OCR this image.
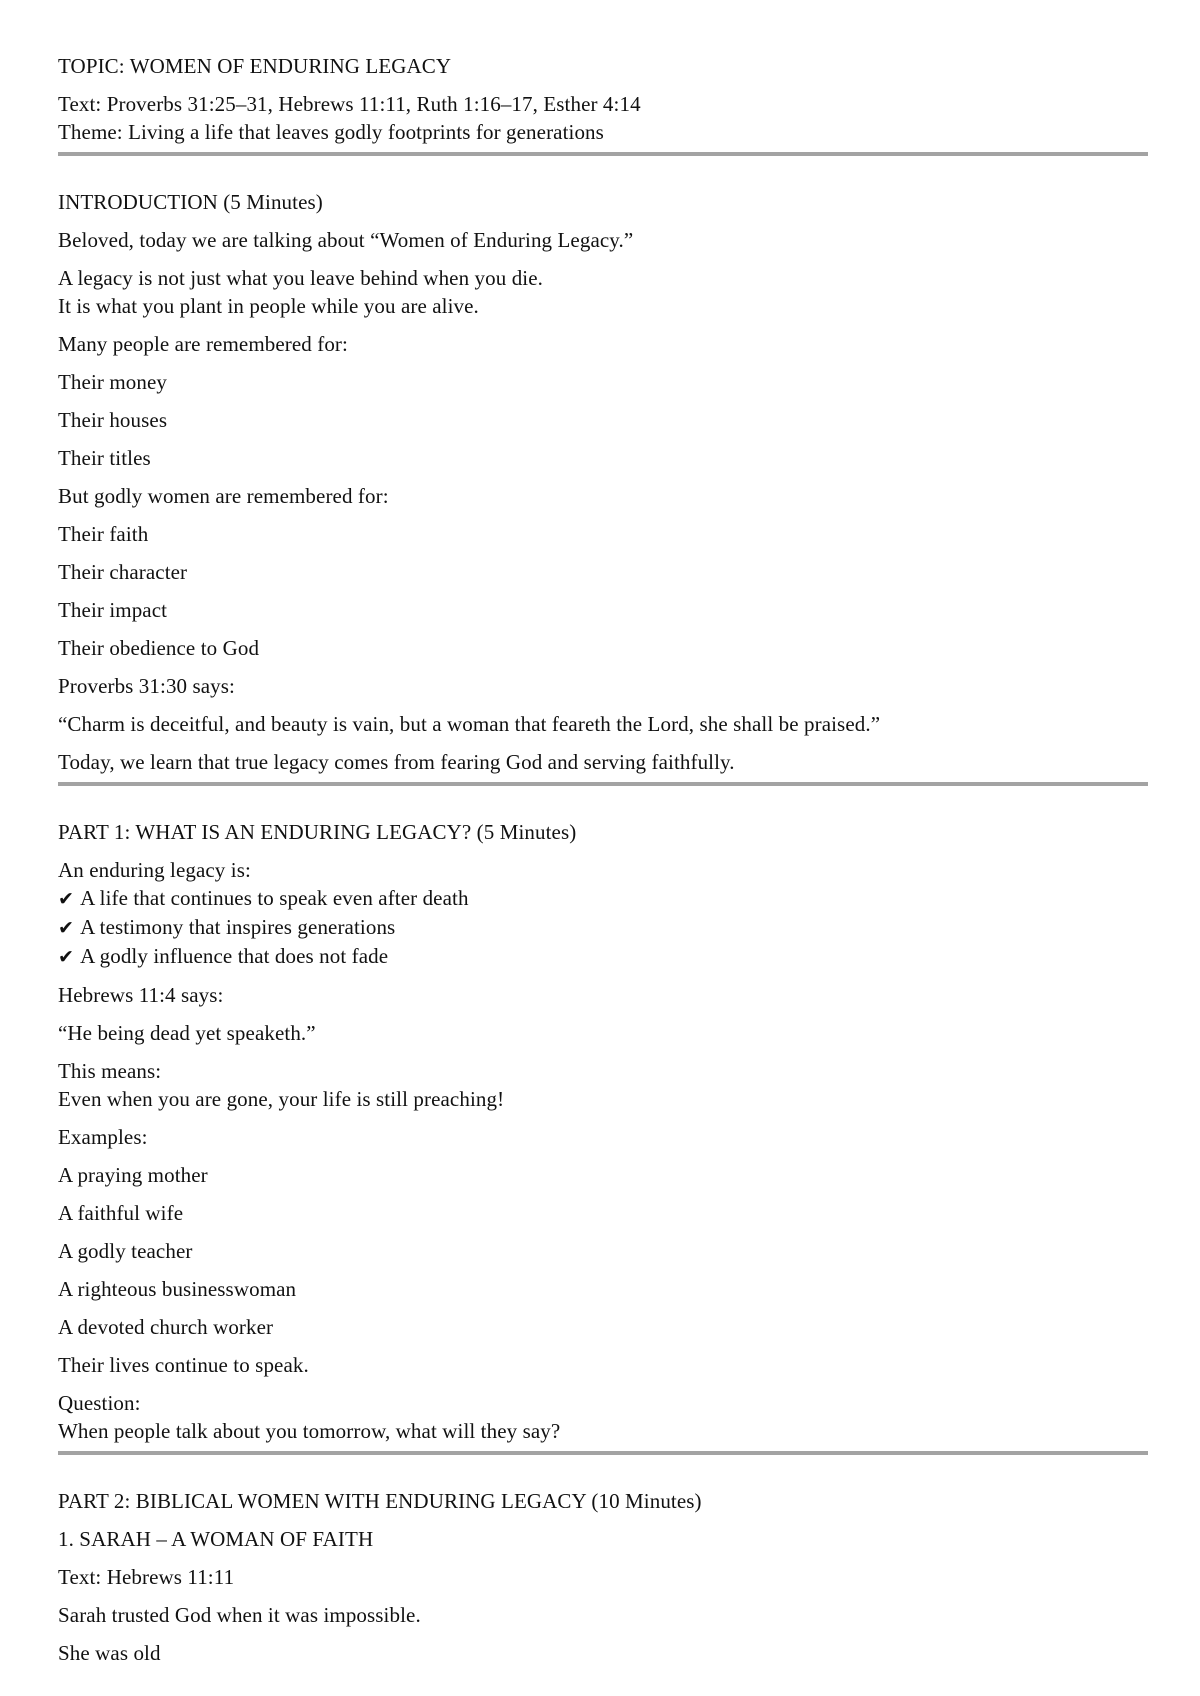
TOPIC: WOMEN OF ENDURING LEGACY
Text: Proverbs 31:25–31, Hebrews 11:11, Ruth 1:16–17, Esther 4:14
Theme: Living a life that leaves godly footprints for generations
INTRODUCTION (5 Minutes)
Beloved, today we are talking about “Women of Enduring Legacy.”
A legacy is not just what you leave behind when you die.
It is what you plant in people while you are alive.
Many people are remembered for:
Their money
Their houses
Their titles
But godly women are remembered for:
Their faith
Their character
Their impact
Their obedience to God
Proverbs 31:30 says:
“Charm is deceitful, and beauty is vain, but a woman that feareth the Lord, she shall be praised.”
Today, we learn that true legacy comes from fearing God and serving faithfully.
PART 1: WHAT IS AN ENDURING LEGACY? (5 Minutes)
An enduring legacy is:
✔ A life that continues to speak even after death
✔ A testimony that inspires generations
✔ A godly influence that does not fade
Hebrews 11:4 says:
“He being dead yet speaketh.”
This means:
Even when you are gone, your life is still preaching!
Examples:
A praying mother
A faithful wife
A godly teacher
A righteous businesswoman
A devoted church worker
Their lives continue to speak.
Question:
When people talk about you tomorrow, what will they say?
PART 2: BIBLICAL WOMEN WITH ENDURING LEGACY (10 Minutes)
1. SARAH – A WOMAN OF FAITH
Text: Hebrews 11:11
Sarah trusted God when it was impossible.
She was old
